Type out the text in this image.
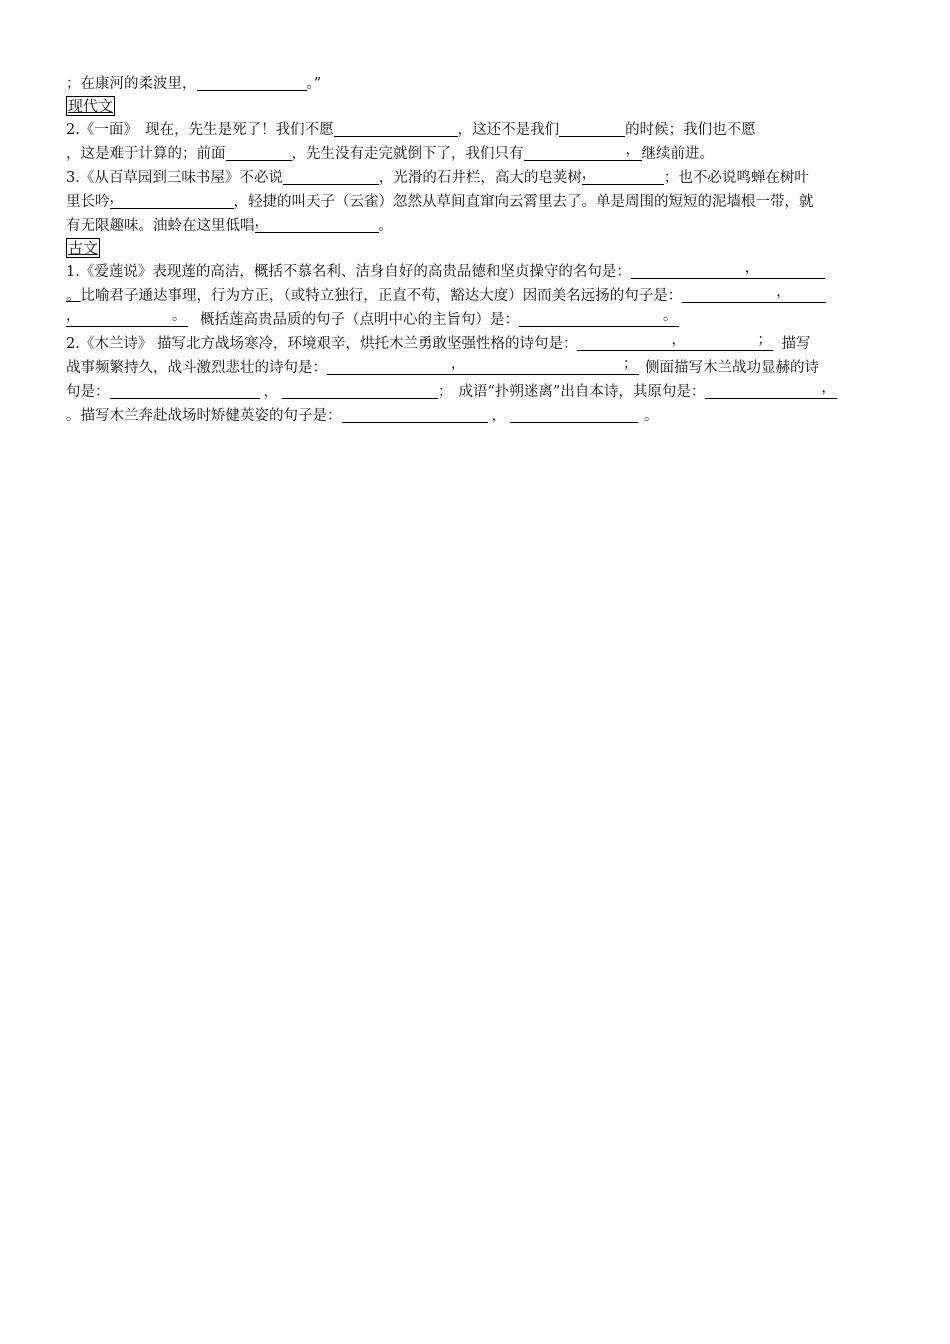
；在康河的柔波里，	。”
现代文
2.《一面》　现在，先生是死了！我们不愿	，这还不是我们	的时候；我们也不愿
，这是难于计算的；前面	，先生没有走完就倒下了，我们只有	， 继续前进。
3.《从百草园到三味书屋》不必说	，光滑的石井栏，高大的皂荚树 ，	；也不必说鸣蝉在树叶
里长吟 ，	，轻捷的叫天子（云雀）忽然从草间直窜向云霄里去了。单是周围的短短的泥墙根一带，就
有无限趣味。油蛉在这里低唱 ，	。
古文
1.《爱莲说》表现莲的高洁，概括不慕名利、洁身自好的高贵品德和坚贞操守的名句是：	，
。比喻君子通达事理，行为方正，（或特立独行，正直不苟，豁达大度）因而美名远扬的句子是：	，
，	。 概括莲高贵品质的句子（点明中心的主旨句）是：	。
2.《木兰诗》 描写北方战场寒冷，环境艰辛，烘托木兰勇敢坚强性格的诗句是：	，	； 描写
战事频繁持久，战斗激烈悲壮的诗句是：	，	； 侧面描写木兰战功显赫的诗
句是：	，	； 成语“扑朔迷离”出自本诗，其原句是：	，
。描写木兰奔赴战场时矫健英姿的句子是：	，	。
